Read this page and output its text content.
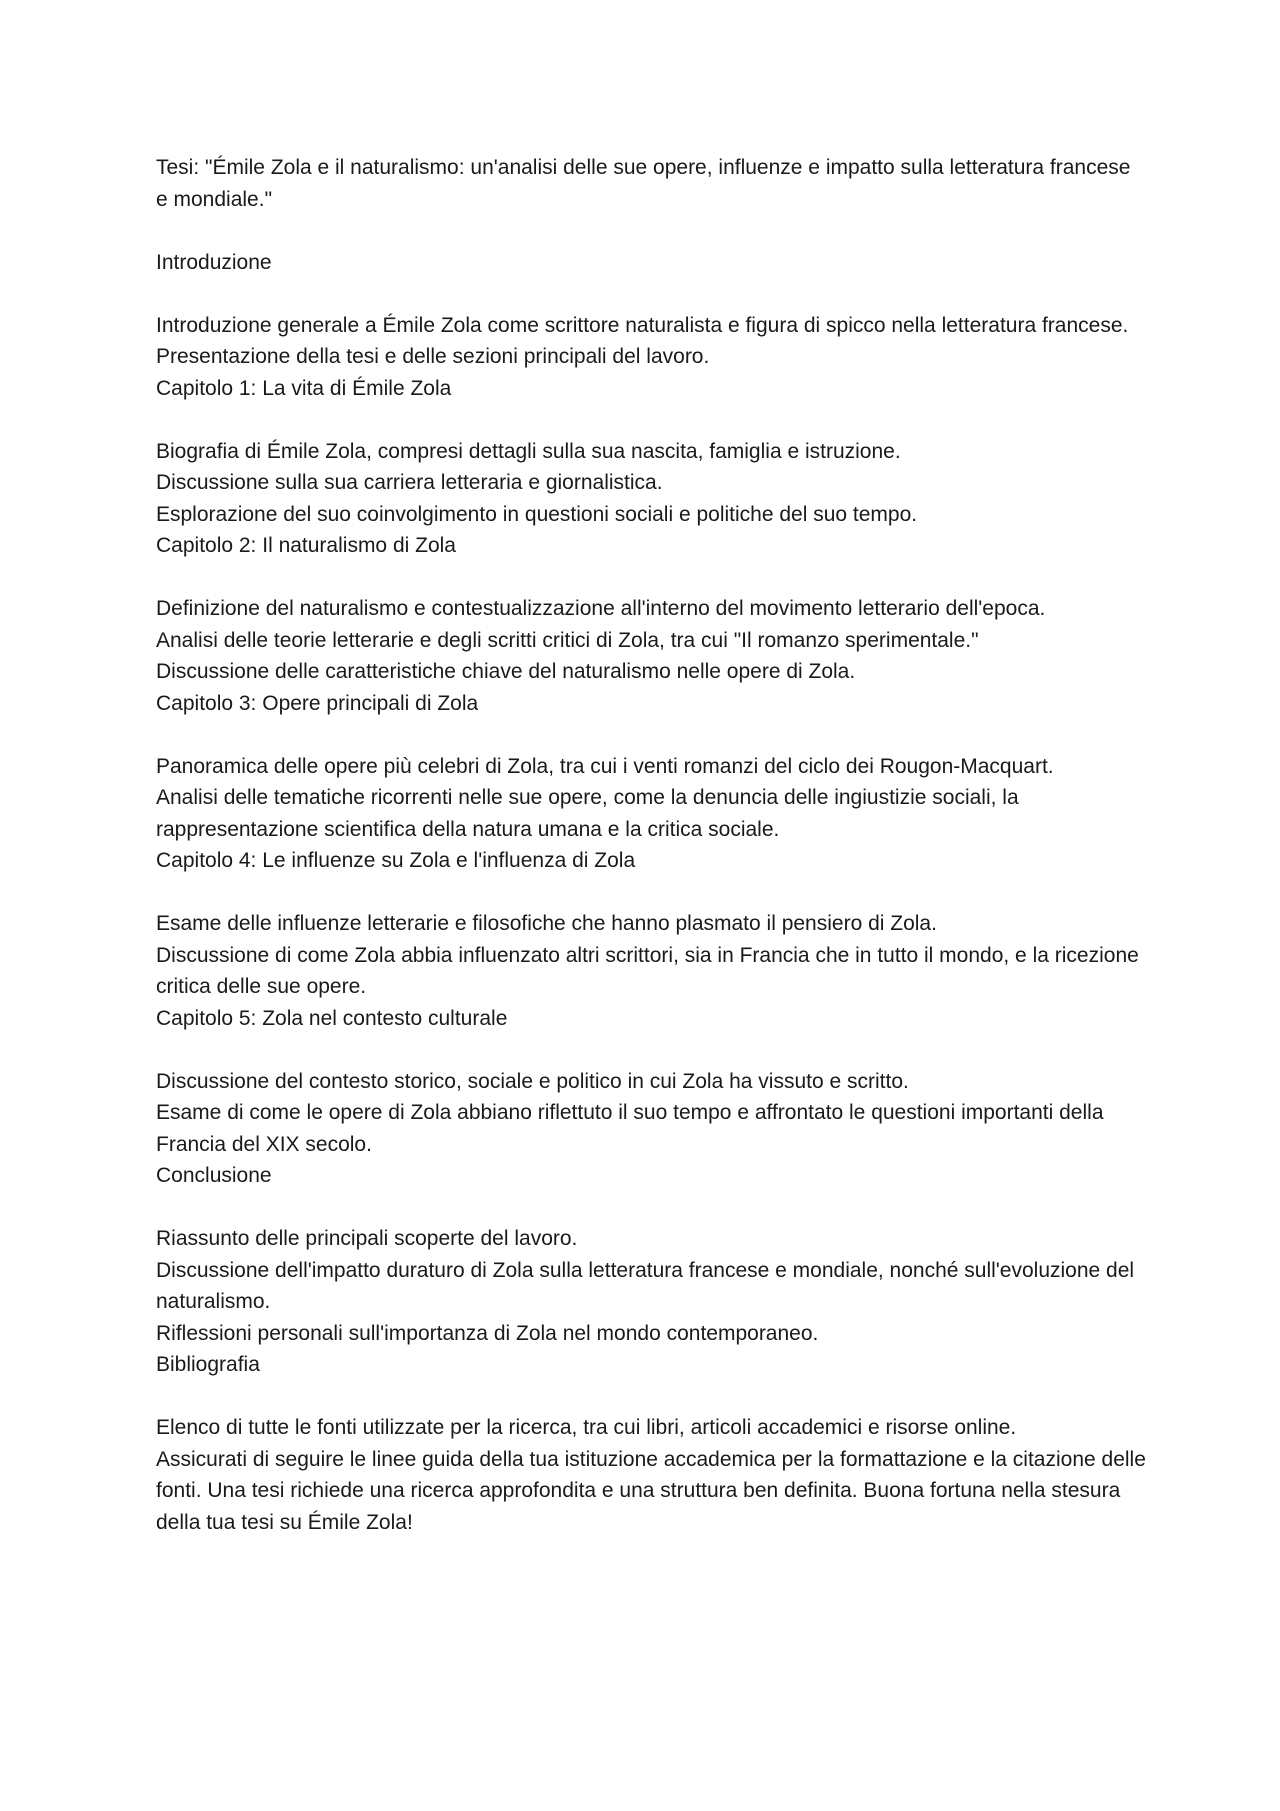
Tesi: "Émile Zola e il naturalismo: un'analisi delle sue opere, influenze e impatto sulla letteratura francese e mondiale."
Introduzione
Introduzione generale a Émile Zola come scrittore naturalista e figura di spicco nella letteratura francese.
Presentazione della tesi e delle sezioni principali del lavoro.
Capitolo 1: La vita di Émile Zola
Biografia di Émile Zola, compresi dettagli sulla sua nascita, famiglia e istruzione.
Discussione sulla sua carriera letteraria e giornalistica.
Esplorazione del suo coinvolgimento in questioni sociali e politiche del suo tempo.
Capitolo 2: Il naturalismo di Zola
Definizione del naturalismo e contestualizzazione all'interno del movimento letterario dell'epoca.
Analisi delle teorie letterarie e degli scritti critici di Zola, tra cui "Il romanzo sperimentale."
Discussione delle caratteristiche chiave del naturalismo nelle opere di Zola.
Capitolo 3: Opere principali di Zola
Panoramica delle opere più celebri di Zola, tra cui i venti romanzi del ciclo dei Rougon-Macquart.
Analisi delle tematiche ricorrenti nelle sue opere, come la denuncia delle ingiustizie sociali, la rappresentazione scientifica della natura umana e la critica sociale.
Capitolo 4: Le influenze su Zola e l'influenza di Zola
Esame delle influenze letterarie e filosofiche che hanno plasmato il pensiero di Zola.
Discussione di come Zola abbia influenzato altri scrittori, sia in Francia che in tutto il mondo, e la ricezione critica delle sue opere.
Capitolo 5: Zola nel contesto culturale
Discussione del contesto storico, sociale e politico in cui Zola ha vissuto e scritto.
Esame di come le opere di Zola abbiano riflettuto il suo tempo e affrontato le questioni importanti della Francia del XIX secolo.
Conclusione
Riassunto delle principali scoperte del lavoro.
Discussione dell'impatto duraturo di Zola sulla letteratura francese e mondiale, nonché sull'evoluzione del naturalismo.
Riflessioni personali sull'importanza di Zola nel mondo contemporaneo.
Bibliografia
Elenco di tutte le fonti utilizzate per la ricerca, tra cui libri, articoli accademici e risorse online.
Assicurati di seguire le linee guida della tua istituzione accademica per la formattazione e la citazione delle fonti. Una tesi richiede una ricerca approfondita e una struttura ben definita. Buona fortuna nella stesura della tua tesi su Émile Zola!
